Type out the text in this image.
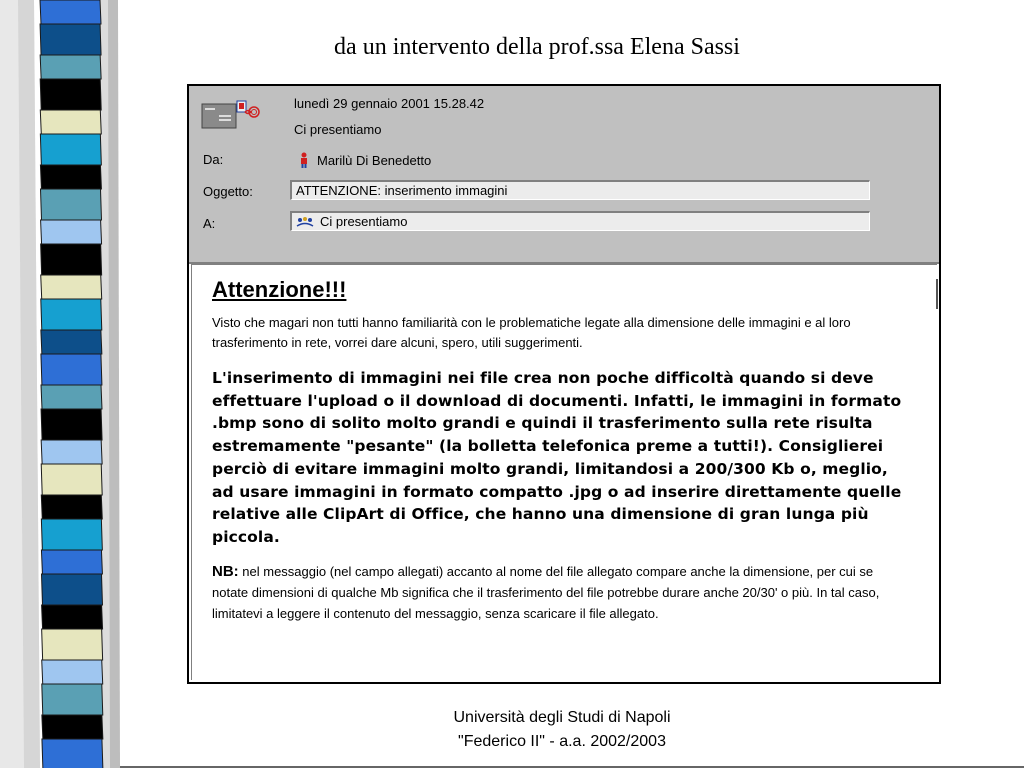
da un intervento della prof.ssa Elena Sassi
lunedì 29 gennaio 2001 15.28.42
Ci presentiamo
Da:	Marilù Di Benedetto
Oggetto:	ATTENZIONE: inserimento immagini
A:	Ci presentiamo
Attenzione!!!

Visto che magari non tutti hanno familiarità con le problematiche legate alla dimensione delle immagini e al loro trasferimento in rete, vorrei dare alcuni, spero, utili suggerimenti.

L'inserimento di immagini nei file crea non poche difficoltà quando si deve effettuare l'upload o il download di documenti. Infatti, le immagini in formato .bmp sono di solito molto grandi e quindi il trasferimento sulla rete risulta estremamente "pesante" (la bolletta telefonica preme a tutti!). Consiglierei perciò di evitare immagini molto grandi, limitandosi a 200/300 Kb o, meglio, ad usare immagini in formato compatto .jpg o ad inserire direttamente quelle relative alle ClipArt di Office, che hanno una dimensione di gran lunga più piccola.

NB: nel messaggio (nel campo allegati) accanto al nome del file allegato compare anche la dimensione, per cui se notate dimensioni di qualche Mb significa che il trasferimento del file potrebbe durare anche 20/30' o più. In tal caso, limitatevi a leggere il contenuto del messaggio, senza scaricare il file allegato.

Università degli Studi di Napoli
"Federico II" - a.a. 2002/2003
